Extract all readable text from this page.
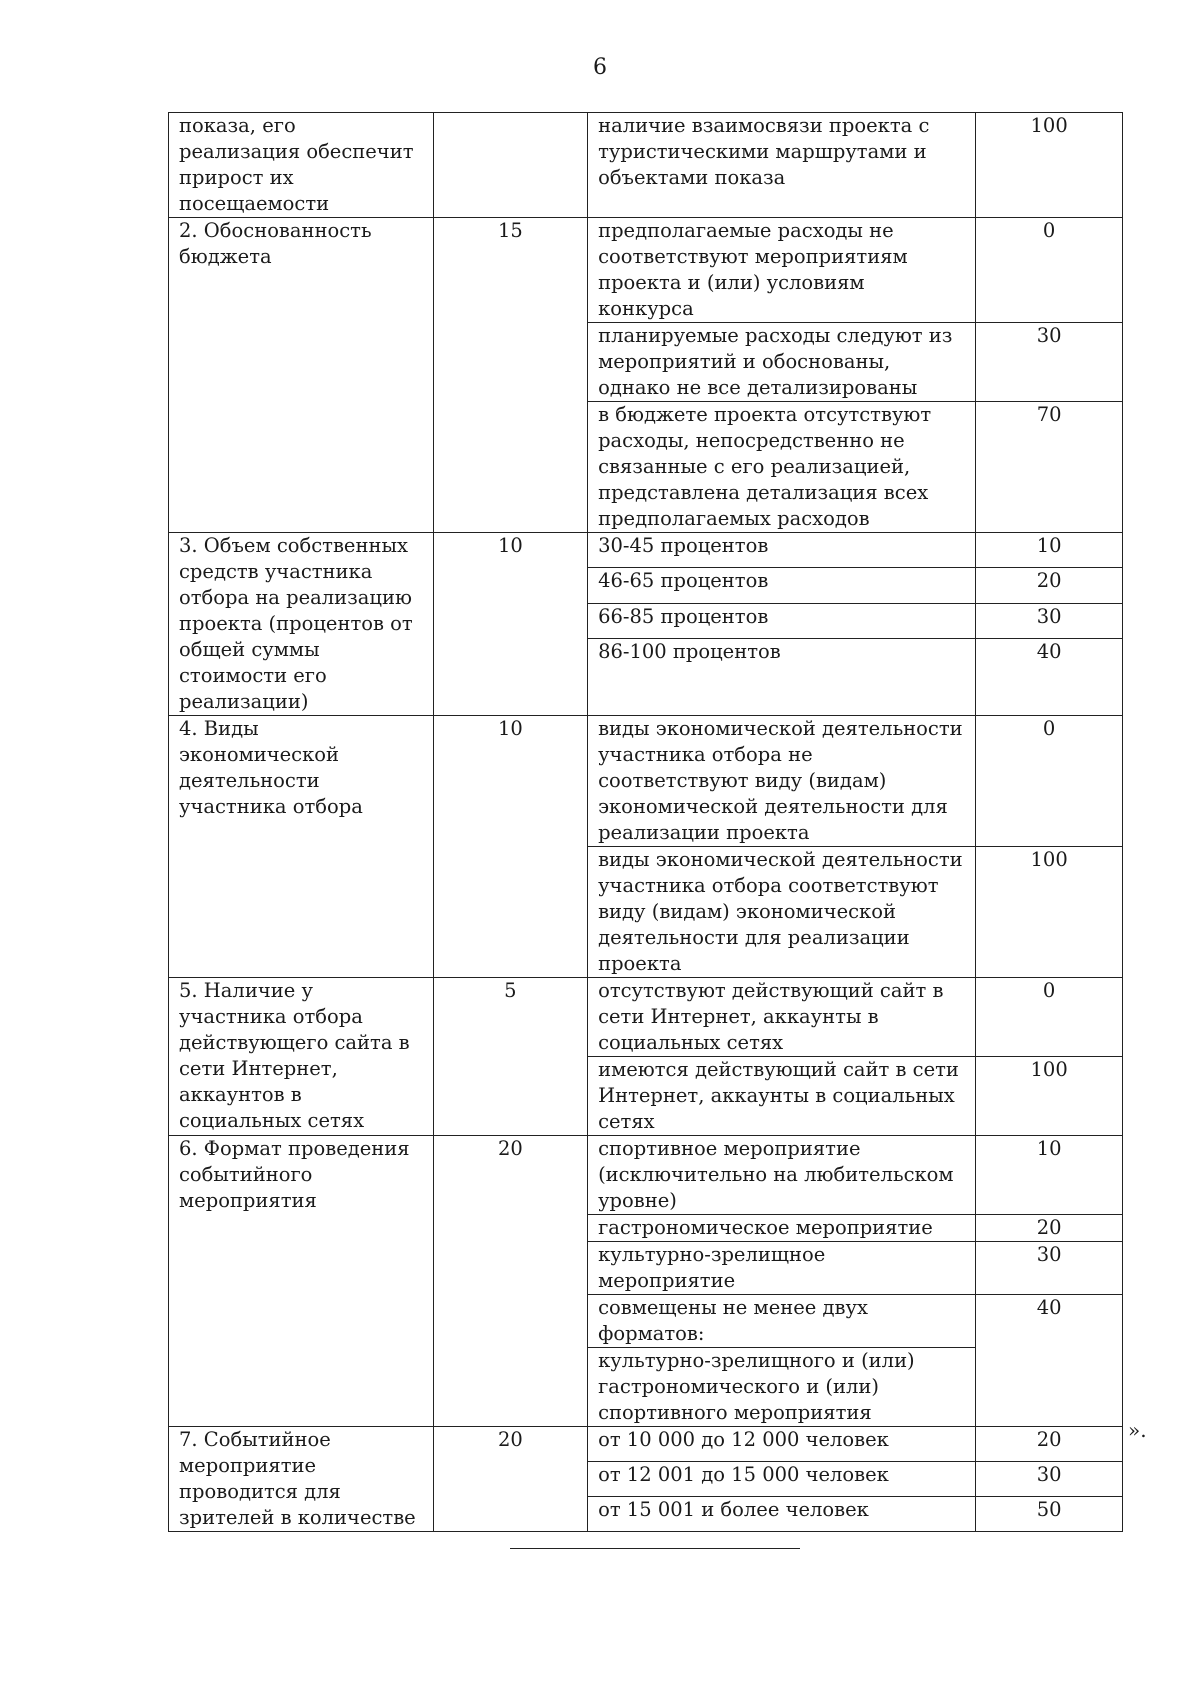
6
показа, его реализация обеспечит прирост их посещаемости		наличие взаимосвязи проекта с туристическими маршрутами и объектами показа	100
2. Обоснованность бюджета	15	предполагаемые расходы не соответствуют мероприятиям проекта и (или) условиям конкурса	0
		планируемые расходы следуют из мероприятий и обоснованы, однако не все детализированы	30
		в бюджете проекта отсутствуют расходы, непосредственно не связанные с его реализацией, представлена детализация всех предполагаемых расходов	70
3. Объем собственных средств участника отбора на реализацию проекта (процентов от общей суммы стоимости его реализации)	10	30-45 процентов	10
		46-65 процентов	20
		66-85 процентов	30
		86-100 процентов	40
4. Виды экономической деятельности участника отбора	10	виды экономической деятельности участника отбора не соответствуют виду (видам) экономической деятельности для реализации проекта	0
		виды экономической деятельности участника отбора соответствуют виду (видам) экономической деятельности для реализации проекта	100
5. Наличие у участника отбора действующего сайта в сети Интернет, аккаунтов в социальных сетях	5	отсутствуют действующий сайт в сети Интернет, аккаунты в социальных сетях	0
		имеются действующий сайт в сети Интернет, аккаунты в социальных сетях	100
6. Формат проведения событийного мероприятия	20	спортивное мероприятие (исключительно на любительском уровне)	10
		гастрономическое мероприятие	20
		культурно-зрелищное мероприятие	30
		совмещены не менее двух форматов:	40
		культурно-зрелищного и (или) гастрономического и (или) спортивного мероприятия	
7. Событийное мероприятие проводится для зрителей в количестве	20	от 10 000 до 12 000 человек	20
		от 12 001 до 15 000 человек	30
		от 15 001 и более человек	50
».
